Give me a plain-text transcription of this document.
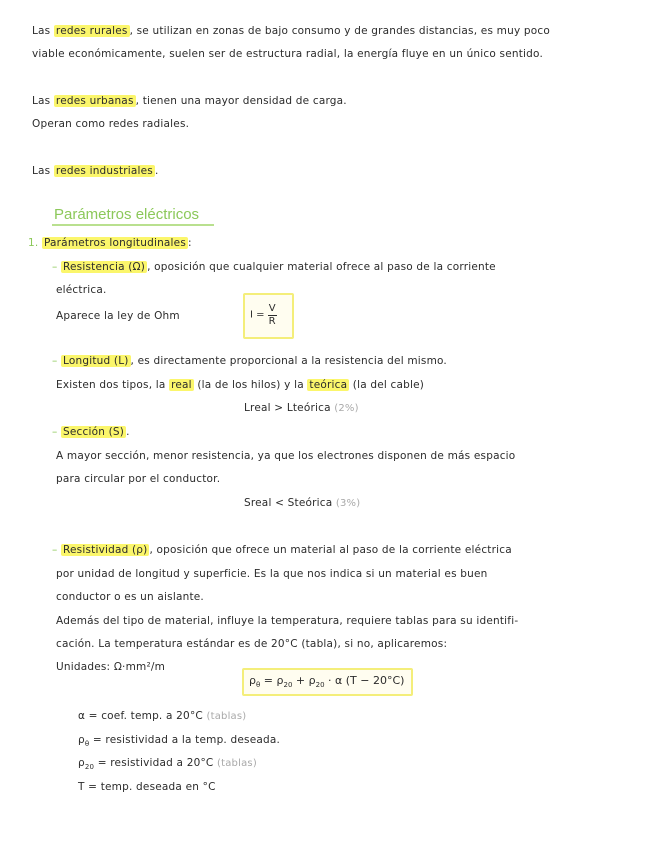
Las redes rurales , se utilizan en zonas de bajo consumo y de grandes distancias, es muy poco
viable económicamente, suelen ser de estructura radial, la energía fluye en un único sentido.
Las redes urbanas , tienen una mayor densidad de carga.
Operan como redes radiales.
Las redes industriales .
Parámetros eléctricos
1. Parámetros longitudinales :
– Resistencia (Ω) , oposición que cualquier material ofrece al paso de la corriente
eléctrica.
Aparece la ley de Ohm	$I = \frac{V}{R}$
– Longitud (L) , es directamente proporcional a la resistencia del mismo.
Existen dos tipos, la real (la de los hilos) y la teórica (la del cable)
Lreal > Lteórica (2%)
– Sección (S) .
A mayor sección, menor resistencia, ya que los electrones disponen de más espacio
para circular por el conductor.
Sreal < Steórica (3%)
– Resistividad (ρ) , oposición que ofrece un material al paso de la corriente eléctrica
por unidad de longitud y superficie. Es la que nos indica si un material es buen
conductor o es un aislante.
Además del tipo de material, influye la temperatura, requiere tablas para su identifi-
cación. La temperatura estándar es de 20°C (tabla), si no, aplicaremos:
Unidades: Ω·mm²/m
$\rho_\theta = \rho_{20} + \rho_{20} \cdot \alpha$ (T − 20°C)
α = coef. temp. a 20°C (tablas)
$\rho_\theta$ = resistividad a la temp. deseada.
$\rho_{20}$ = resistividad a 20°C (tablas)
T = temp. deseada en °C
